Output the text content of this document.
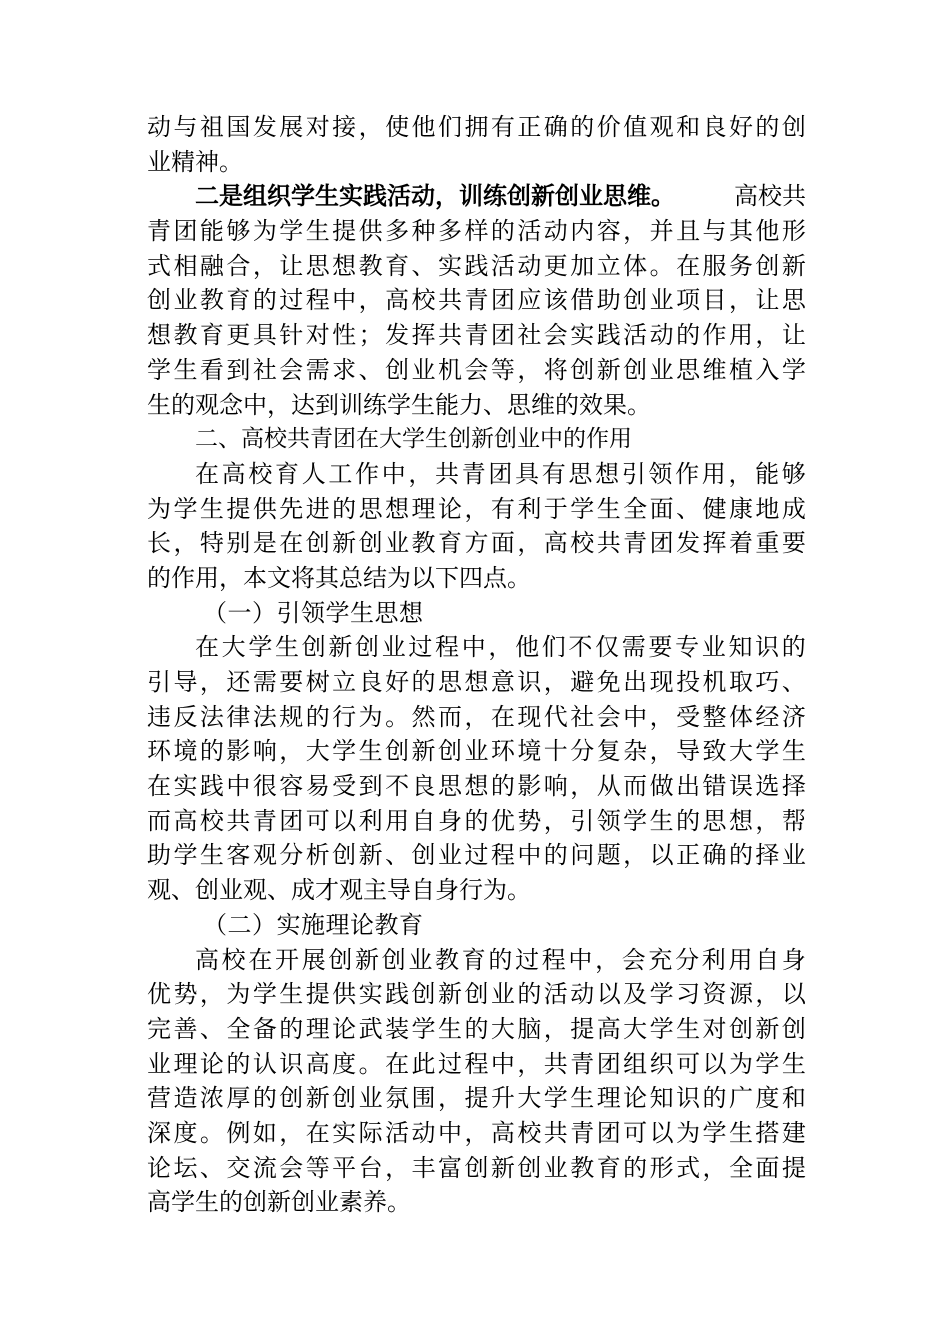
动 与 祖 国 发 展 对 接 ， 使 他 们 拥 有 正 确 的 价 值 观 和 良 好 的 创
业精神。
二是组织学生实践活动，训练创新创业思维。 高校共
青 团 能 够 为 学 生 提 供 多 种 多 样 的 活 动 内 容 ， 并 且 与 其 他 形
式 相 融 合 ， 让 思 想 教 育 、 实 践 活 动 更 加 立 体 。 在 服 务 创 新
创 业 教 育 的 过 程 中 ， 高 校 共 青 团 应 该 借 助 创 业 项 目 ， 让 思
想 教 育 更 具 针 对 性 ； 发 挥 共 青 团 社 会 实 践 活 动 的 作 用 ， 让
学 生 看 到 社 会 需 求 、 创 业 机 会 等 ， 将 创 新 创 业 思 维 植 入 学
生的观念中，达到训练学生能力、思维的效果。
二、高校共青团在大学生创新创业中的作用
在 高 校 育 人 工 作 中 ， 共 青 团 具 有 思 想 引 领 作 用 ， 能 够
为 学 生 提 供 先 进 的 思 想 理 论 ， 有 利 于 学 生 全 面 、 健 康 地 成
长 ， 特 别 是 在 创 新 创 业 教 育 方 面 ， 高 校 共 青 团 发 挥 着 重 要
的作用，本文将其总结为以下四点。
（一）引领学生思想
在 大 学 生 创 新 创 业 过 程 中 ， 他 们 不 仅 需 要 专 业 知 识 的
引 导 ， 还 需 要 树 立 良 好 的 思 想 意 识 ， 避 免 出 现 投 机 取 巧 、
违 反 法 律 法 规 的 行 为 。 然 而 ， 在 现 代 社 会 中 ， 受 整 体 经 济
环 境 的 影 响 ， 大 学 生 创 新 创 业 环 境 十 分 复 杂 ， 导 致 大 学 生
在 实 践 中 很 容 易 受 到 不 良 思 想 的 影 响 ， 从 而 做 出 错 误 选 择
而 高 校 共 青 团 可 以 利 用 自 身 的 优 势 ， 引 领 学 生 的 思 想 ， 帮
助 学 生 客 观 分 析 创 新 、 创 业 过 程 中 的 问 题 ， 以 正 确 的 择 业
观、创业观、成才观主导自身行为。
（二）实施理论教育
高 校 在 开 展 创 新 创 业 教 育 的 过 程 中 ， 会 充 分 利 用 自 身
优 势 ， 为 学 生 提 供 实 践 创 新 创 业 的 活 动 以 及 学 习 资 源 ， 以
完 善 、 全 备 的 理 论 武 装 学 生 的 大 脑 ， 提 高 大 学 生 对 创 新 创
业 理 论 的 认 识 高 度 。 在 此 过 程 中 ， 共 青 团 组 织 可 以 为 学 生
营 造 浓 厚 的 创 新 创 业 氛 围 ， 提 升 大 学 生 理 论 知 识 的 广 度 和
深 度 。 例 如 ， 在 实 际 活 动 中 ， 高 校 共 青 团 可 以 为 学 生 搭 建
论 坛 、 交 流 会 等 平 台 ， 丰 富 创 新 创 业 教 育 的 形 式 ， 全 面 提
高学生的创新创业素养。
